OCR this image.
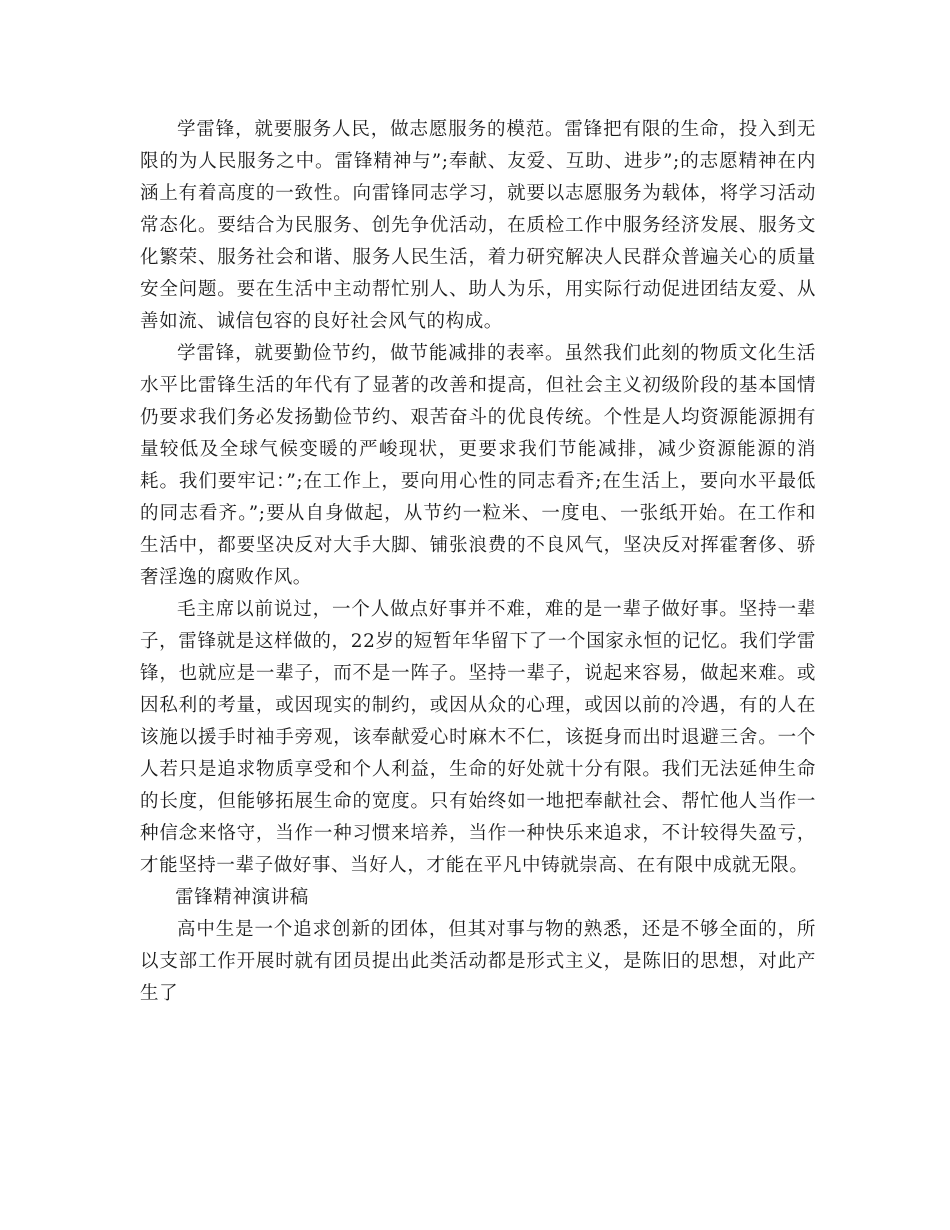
学雷锋，就要服务人民，做志愿服务的模范。雷锋把有限的生命，投入到无限的为人民服务之中。雷锋精神与”;奉献、友爱、互助、进步”;的志愿精神在内涵上有着高度的一致性。向雷锋同志学习，就要以志愿服务为载体，将学习活动常态化。要结合为民服务、创先争优活动，在质检工作中服务经济发展、服务文化繁荣、服务社会和谐、服务人民生活，着力研究解决人民群众普遍关心的质量安全问题。要在生活中主动帮忙别人、助人为乐，用实际行动促进团结友爱、从善如流、诚信包容的良好社会风气的构成。

学雷锋，就要勤俭节约，做节能减排的表率。虽然我们此刻的物质文化生活水平比雷锋生活的年代有了显著的改善和提高，但社会主义初级阶段的基本国情仍要求我们务必发扬勤俭节约、艰苦奋斗的优良传统。个性是人均资源能源拥有量较低及全球气候变暖的严峻现状，更要求我们节能减排，减少资源能源的消耗。我们要牢记：”;在工作上，要向用心性的同志看齐;在生活上，要向水平最低的同志看齐。”;要从自身做起，从节约一粒米、一度电、一张纸开始。在工作和生活中，都要坚决反对大手大脚、铺张浪费的不良风气，坚决反对挥霍奢侈、骄奢淫逸的腐败作风。

毛主席以前说过，一个人做点好事并不难，难的是一辈子做好事。坚持一辈子，雷锋就是这样做的，22岁的短暂年华留下了一个国家永恒的记忆。我们学雷锋，也就应是一辈子，而不是一阵子。坚持一辈子，说起来容易，做起来难。或因私利的考量，或因现实的制约，或因从众的心理，或因以前的冷遇，有的人在该施以援手时袖手旁观，该奉献爱心时麻木不仁，该挺身而出时退避三舍。一个人若只是追求物质享受和个人利益，生命的好处就十分有限。我们无法延伸生命的长度，但能够拓展生命的宽度。只有始终如一地把奉献社会、帮忙他人当作一种信念来恪守，当作一种习惯来培养，当作一种快乐来追求，不计较得失盈亏，才能坚持一辈子做好事、当好人，才能在平凡中铸就崇高、在有限中成就无限。

雷锋精神演讲稿

高中生是一个追求创新的团体，但其对事与物的熟悉，还是不够全面的，所以支部工作开展时就有团员提出此类活动都是形式主义，是陈旧的思想，对此产生了
